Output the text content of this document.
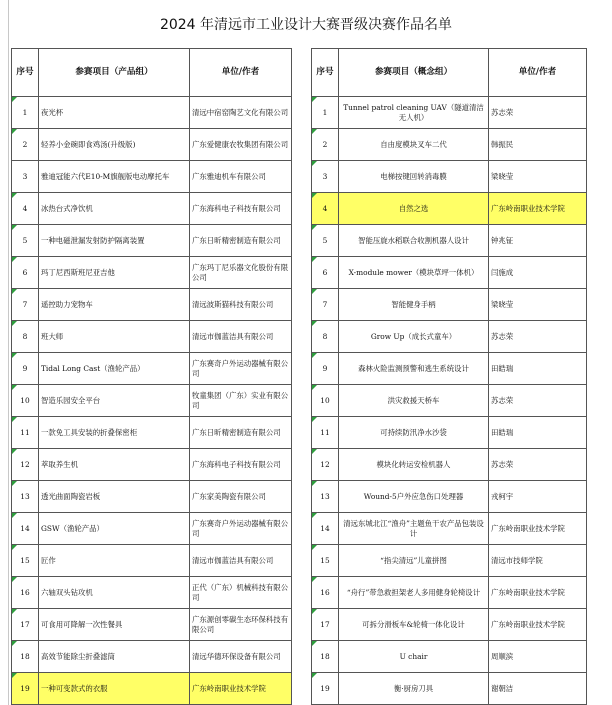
2024 年清远市工业设计大赛晋级决赛作品名单
序号	参赛项目（产品组）	单位/作者
1	夜光杯	清远中宿窑陶艺文化有限公司
2	轻养小金碗即食鸡汤(升级版)	广东爱健康农牧集团有限公司
3	雅迪冠能六代E10-M旗舰版电动摩托车	广东雅迪机车有限公司
4	冰热台式净饮机	广东海科电子科技有限公司
5	一种电磁泄漏发射防护隔离装置	广东日昕精密制造有限公司
6	玛丁尼西斯班尼亚吉他	广东玛丁尼乐器文化股份有限公司
7	遥控助力宠物车	清远波斯猫科技有限公司
8	班大师	清远市伽蓝洁具有限公司
9	Tidal Long Cast（渔轮产品）	广东赛奇户外运动器械有限公司
10	智造乐园安全平台	牧童集团（广东）实业有限公司
11	一款免工具安装的折叠保密柜	广东日昕精密制造有限公司
12	萃取养生机	广东海科电子科技有限公司
13	透光曲面陶瓷岩板	广东家美陶瓷有限公司
14	GSW（渔轮产品）	广东赛奇户外运动器械有限公司
15	匠作	清远市伽蓝洁具有限公司
16	六轴双头钻攻机	正代（广东）机械科技有限公司
17	可食用可降解一次性餐具	广东源创零碳生态环保科技有限公司
18	高效节能除尘折叠滤筒	清远华德环保设备有限公司
19	一种可变款式的衣服	广东岭南职业技术学院
序号	参赛项目（概念组）	单位/作者
1	Tunnel patrol cleaning UAV（隧道清洁无人机）	苏志荣
2	自由度模块叉车二代	韩振民
3	电梯按键回转消毒膜	梁晓莹
4	自然之选	广东岭南职业技术学院
5	智能压旋水稻联合收割机器人设计	钟兆钲
6	X-module mower（模块草坪一体机）	闫施成
7	智能健身手柄	梁晓莹
8	Grow Up（成长式童车）	苏志荣
9	森林火险监测预警和逃生系统设计	田皓瑞
10	洪灾救援天桥车	苏志荣
11	可持续防汛净水沙袋	田皓瑞
12	模块化转运安检机器人	苏志荣
13	Wound-5户外应急伤口处理器	戎柯宇
14	清远东城北江“渔舟”主题鱼干农产品包装设计	广东岭南职业技术学院
15	“指尖清远”儿童拼图	清远市技师学院
16	“舟行”带急救担架老人多用健身轮椅设计	广东岭南职业技术学院
17	可拆分滑板车&轮椅一体化设计	广东岭南职业技术学院
18	U chair	周顺滨
19	衡·厨房刀具	谢朝洁
